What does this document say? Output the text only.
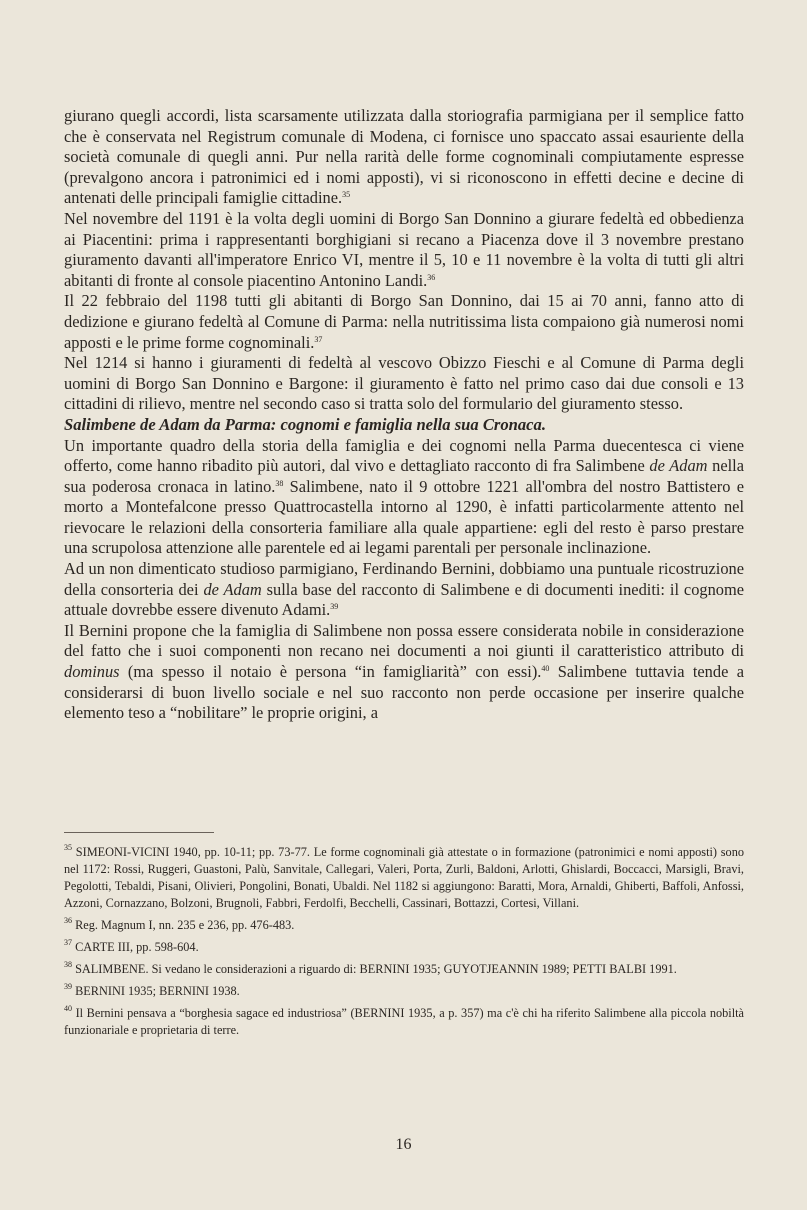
giurano quegli accordi, lista scarsamente utilizzata dalla storiografia parmigiana per il semplice fatto che è conservata nel Registrum comunale di Modena, ci fornisce uno spaccato assai esauriente della società comunale di quegli anni. Pur nella rarità delle forme cognominali compiutamente espresse (prevalgono ancora i patronimici ed i nomi apposti), vi si riconoscono in effetti decine e decine di antenati delle principali famiglie cittadine.$^{35}$

Nel novembre del 1191 è la volta degli uomini di Borgo San Donnino a giurare fedeltà ed obbedienza ai Piacentini: prima i rappresentanti borghigiani si recano a Piacenza dove il 3 novembre prestano giuramento davanti all'imperatore Enrico VI, mentre il 5, 10 e 11 novembre è la volta di tutti gli altri abitanti di fronte al console piacentino Antonino Landi.$^{36}$

Il 22 febbraio del 1198 tutti gli abitanti di Borgo San Donnino, dai 15 ai 70 anni, fanno atto di dedizione e giurano fedeltà al Comune di Parma: nella nutritissima lista compaiono già numerosi nomi apposti e le prime forme cognominali.$^{37}$

Nel 1214 si hanno i giuramenti di fedeltà al vescovo Obizzo Fieschi e al Comune di Parma degli uomini di Borgo San Donnino e Bargone: il giuramento è fatto nel primo caso dai due consoli e 13 cittadini di rilievo, mentre nel secondo caso si tratta solo del formulario del giuramento stesso.

Salimbene de Adam da Parma: cognomi e famiglia nella sua Cronaca.

Un importante quadro della storia della famiglia e dei cognomi nella Parma duecentesca ci viene offerto, come hanno ribadito più autori, dal vivo e dettagliato racconto di fra Salimbene de Adam nella sua poderosa cronaca in latino.$^{38}$ Salimbene, nato il 9 ottobre 1221 all'ombra del nostro Battistero e morto a Montefalcone presso Quattrocastella intorno al 1290, è infatti particolarmente attento nel rievocare le relazioni della consorteria familiare alla quale appartiene: egli del resto è parso prestare una scrupolosa attenzione alle parentele ed ai legami parentali per personale inclinazione.

Ad un non dimenticato studioso parmigiano, Ferdinando Bernini, dobbiamo una puntuale ricostruzione della consorteria dei de Adam sulla base del racconto di Salimbene e di documenti inediti: il cognome attuale dovrebbe essere divenuto Adami.$^{39}$

Il Bernini propone che la famiglia di Salimbene non possa essere considerata nobile in considerazione del fatto che i suoi componenti non recano nei documenti a noi giunti il caratteristico attributo di dominus (ma spesso il notaio è persona “in famigliarità” con essi).$^{40}$ Salimbene tuttavia tende a considerarsi di buon livello sociale e nel suo racconto non perde occasione per inserire qualche elemento teso a “nobilitare” le proprie origini, a

$^{35}$ SIMEONI-VICINI 1940, pp. 10-11; pp. 73-77. Le forme cognominali già attestate o in formazione (patronimici e nomi apposti) sono nel 1172: Rossi, Ruggeri, Guastoni, Palù, Sanvitale, Callegari, Valeri, Porta, Zurli, Baldoni, Arlotti, Ghislardi, Boccacci, Marsigli, Bravi, Pegolotti, Tebaldi, Pisani, Olivieri, Pongolini, Bonati, Ubaldi. Nel 1182 si aggiungono: Baratti, Mora, Arnaldi, Ghiberti, Baffoli, Anfossi, Azzoni, Cornazzano, Bolzoni, Brugnoli, Fabbri, Ferdolfi, Becchelli, Cassinari, Bottazzi, Cortesi, Villani.

$^{36}$ Reg. Magnum I, nn. 235 e 236, pp. 476-483.

$^{37}$ CARTE III, pp. 598-604.

$^{38}$ SALIMBENE. Si vedano le considerazioni a riguardo di: BERNINI 1935; GUYOTJEANNIN 1989; PETTI BALBI 1991.

$^{39}$ BERNINI 1935; BERNINI 1938.

$^{40}$ Il Bernini pensava a “borghesia sagace ed industriosa” (BERNINI 1935, a p. 357) ma c'è chi ha riferito Salimbene alla piccola nobiltà funzionariale e proprietaria di terre.

16
